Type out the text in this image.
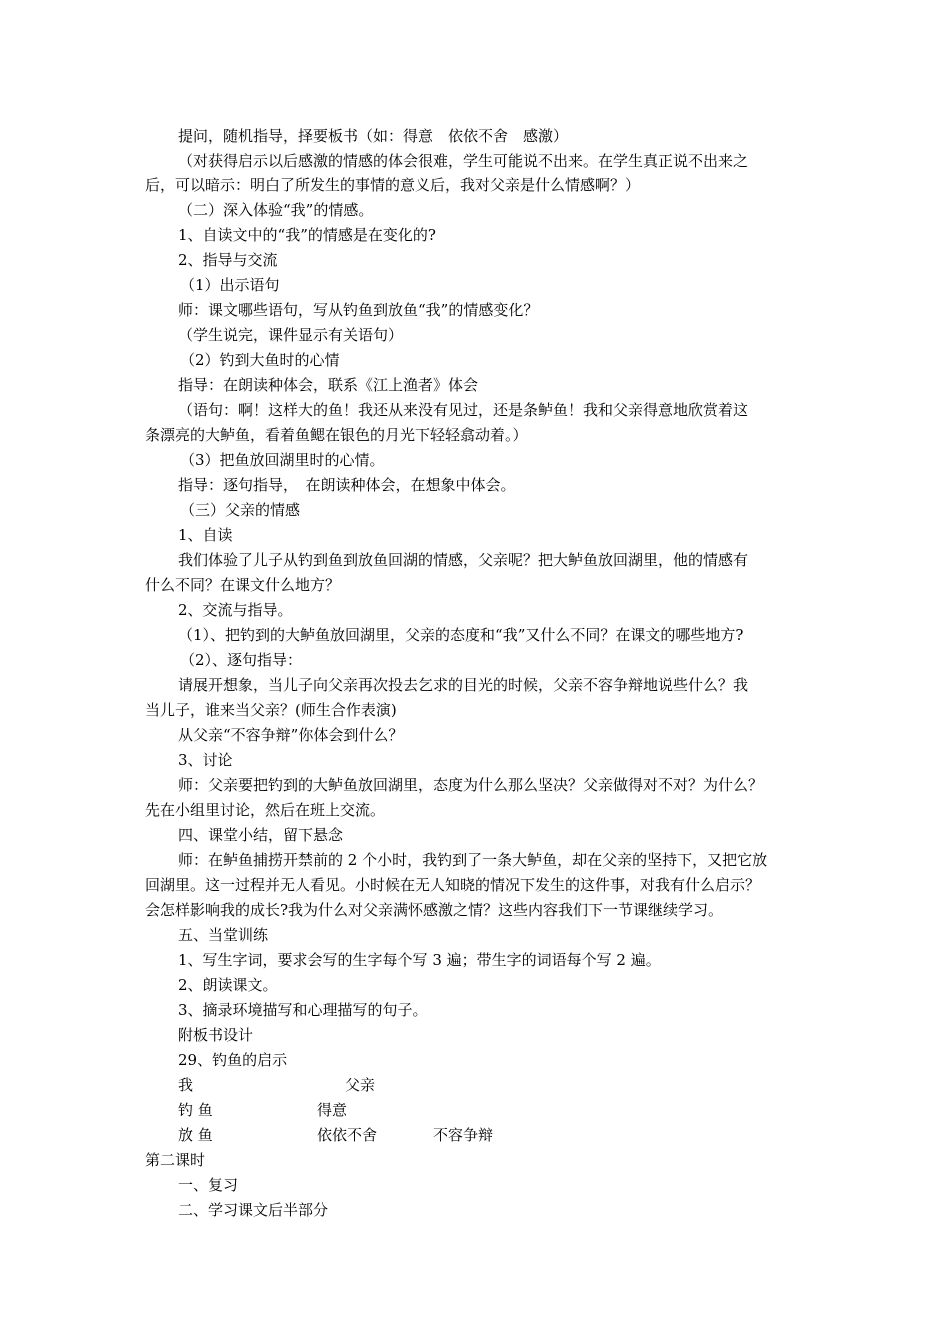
提问，随机指导，择要板书（如：得意　依依不舍　感激）
（对获得启示以后感激的情感的体会很难，学生可能说不出来。在学生真正说不出来之
后，可以暗示：明白了所发生的事情的意义后，我对父亲是什么情感啊？）
（二）深入体验“我”的情感。
1、自读文中的“我”的情感是在变化的?
2、指导与交流
（1）出示语句
师：课文哪些语句，写从钓鱼到放鱼“我”的情感变化？
（学生说完，课件显示有关语句）
（2）钓到大鱼时的心情
指导：在朗读种体会，联系《江上渔者》体会
（语句：啊！这样大的鱼！我还从来没有见过，还是条鲈鱼！我和父亲得意地欣赏着这
条漂亮的大鲈鱼，看着鱼鳃在银色的月光下轻轻翕动着。）
（3）把鱼放回湖里时的心情。
指导：逐句指导，　在朗读种体会，在想象中体会。
（三）父亲的情感
1、自读
我们体验了儿子从钓到鱼到放鱼回湖的情感，父亲呢？把大鲈鱼放回湖里，他的情感有
什么不同？在课文什么地方？
2、交流与指导。
（1）、把钓到的大鲈鱼放回湖里，父亲的态度和“我”又什么不同？在课文的哪些地方?
（2）、逐句指导：
请展开想象，当儿子向父亲再次投去乞求的目光的时候，父亲不容争辩地说些什么？我
当儿子，谁来当父亲？(师生合作表演)
从父亲“不容争辩”你体会到什么？
3、讨论
师：父亲要把钓到的大鲈鱼放回湖里，态度为什么那么坚决？父亲做得对不对？为什么？
先在小组里讨论，然后在班上交流。
四、课堂小结，留下悬念
师：在鲈鱼捕捞开禁前的 2 个小时，我钓到了一条大鲈鱼，却在父亲的坚持下，又把它放
回湖里。这一过程并无人看见。小时候在无人知晓的情况下发生的这件事，对我有什么启示？
会怎样影响我的成长?我为什么对父亲满怀感激之情？这些内容我们下一节课继续学习。
五、当堂训练
1、写生字词，要求会写的生字每个写 3 遍；带生字的词语每个写 2 遍。
2、朗读课文。
3、摘录环境描写和心理描写的句子。
附板书设计
29、钓鱼的启示
我	父亲
钓 鱼	得意
放 鱼	依依不舍	不容争辩
第二课时
一、复习
二、学习课文后半部分
